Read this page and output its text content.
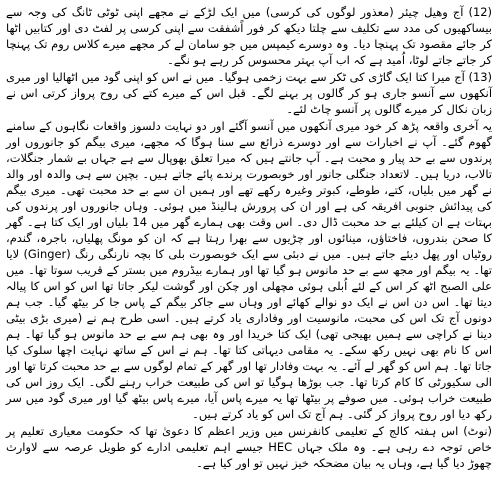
(12) آج وھیل چیئر (معذور لوگوں کی کرسی) میں ایک لڑکے نے مجھے اپنی ٹوٹی ٹانگ کی وجہ سے بیساکھیوں کی مدد سے تکلیف سے چلتا دیکھ کر فور اًشفقت سے اپنی کرسی پر لفٹ دی اور کتابیں اٹھا کر جائے مقصود تک پہنچا دیا۔ وہ دوسرے کیمپس میں جو سامان لے کر مجھے میرے کلاس روم تک پہنچا کر جاتے جاتے لوٹا، اُمید ہے کہ اب آپ بہتر محسوس کر رہے ہو نگے۔

(13) آج میرا کتا ایک گاڑی کی ٹکر سے بہت زخمی ہوگیا۔ میں نے اس کو اپنی گود میں اٹھالیا اور میری آنکھوں سے آنسو جاری ہو کر گالوں پر بہنے لگے۔ قبل اس کے میرے کتے کی روح پرواز کرتی اس نے زبان نکال کر میرے گالوں پر آنسو چاٹ لئے۔

یہ آخری واقعہ پڑھ کر خود میری آنکھوں میں آنسو آگئے اور دو نہایت دلسوز واقعات نگاہوں کے سامنے گھوم گئے۔ آپ نے اخبارات سے اور دوسرے ذرائع سے سنا ہوگا کہ مجھے، میری بیگم کو جانوروں اور پرندوں سے بے حد پیار و محبت ہے۔ آپ جانتے ہیں کہ میرا تعلق بھوپال سے ہے جہاں بے شمار جنگلات، تالاب، دریا ہیں۔ لاتعداد جنگلی جانور اور خوبصورت پرندے پائے جاتے ہیں۔ بچپن سے ہی والدہ اور والد نے گھر میں بلیاں، کتے، طوطے، کبوتر وغیرہ رکھے تھے اور ہمیں ان سے بے حد محبت تھی۔ میری بیگم کی پیدائش جنوبی افریقہ کی ہے اور ان کی پرورش ہالینڈ میں ہوئی۔ وہاں جانوروں اور پرندوں کی بہتات ہے ان کیلئے بے حد محبت ڈال دی۔ اس وقت بھی ہمارے گھر میں 14 بلیاں اور ایک کتا ہے۔ گھر کا صحن بندروں، فاختاؤں، مینائوں اور چڑیوں سے بھرا رہتا ہے کہ ان کو مونگ پھلیاں، باجرہ، گندم، روٹیاں اور پھل دیئے جاتے ہیں۔ میں نے دبئی سے ایک خوبصورت بلی کا بچہ نارنگی رنگ (Ginger) لایا تھا۔ یہ بیگم اور مجھ سے بے حد مانوس ہو گیا تھا اور ہمارے بیڈروم میں بستر کے قریب سوتا تھا۔ میں علی الصبح اٹھ کر اس کے لئے اُبلی ہوئی مچھلی اور چکن اور گوشت لیکر جاتا تھا اس کو اس کا پیالہ دیتا تھا۔ اس دن اس نے ایک دو نوالے کھائے اور وہاں سے جاکر بیگم کے پاس جا کر بیٹھ گیا۔ جب ہم دونوں آج تک اس کی محبت، مانوسیت اور وفاداری یاد کرتے ہیں۔ اسی طرح ہم نے (میری بڑی بیٹی دینا نے کراچی سے ہمیں بھیجی تھی) ایک کتا خریدا اور وہ بھی ہم سے بے حد مانوس ہو گیا تھا۔ ہم اس کا نام بھی نہیں رکھ سکے۔ یہ مقامی دیہاتی کتا تھا۔ ہم نے اس کے ساتھ نہایت اچھا سلوک کیا جاتا تھا۔ ہم اس کو گھر لے آئے۔ یہ بہت وفادار تھا اور گھر کے تمام لوگوں سے بے حد محبت کرتا تھا اور الی سکیورٹی کا کام کرتا تھا۔ جب بوڑھا ہوگیا تو اس کی طبیعت خراب رہنے لگی۔ ایک روز اس کی طبیعت خراب ہوئی۔ میں صوفے پر بیٹھا تھا یہ میرے پاس آیا، میرے پاس بیٹھ گیا اور میری گود میں سر رکھ دیا اور روح پرواز کر گئی۔ ہم آج تک اس کو یاد کرتے ہیں۔

(نوٹ) اس ہفتہ کالج کے تعلیمی کانفرنس میں وزیر اعظم کا دعویٰ تھا کہ حکومت معیاری تعلیم پر خاص توجہ دے رہی ہے۔ وہ ملک جہاں HEC جیسے اہم تعلیمی ادارے کو طویل عرصہ سے لاوارث چھوڑ دیا گیا ہے، وہاں یہ بیان مضحکہ خیز نہیں تو اور کیا ہے۔
